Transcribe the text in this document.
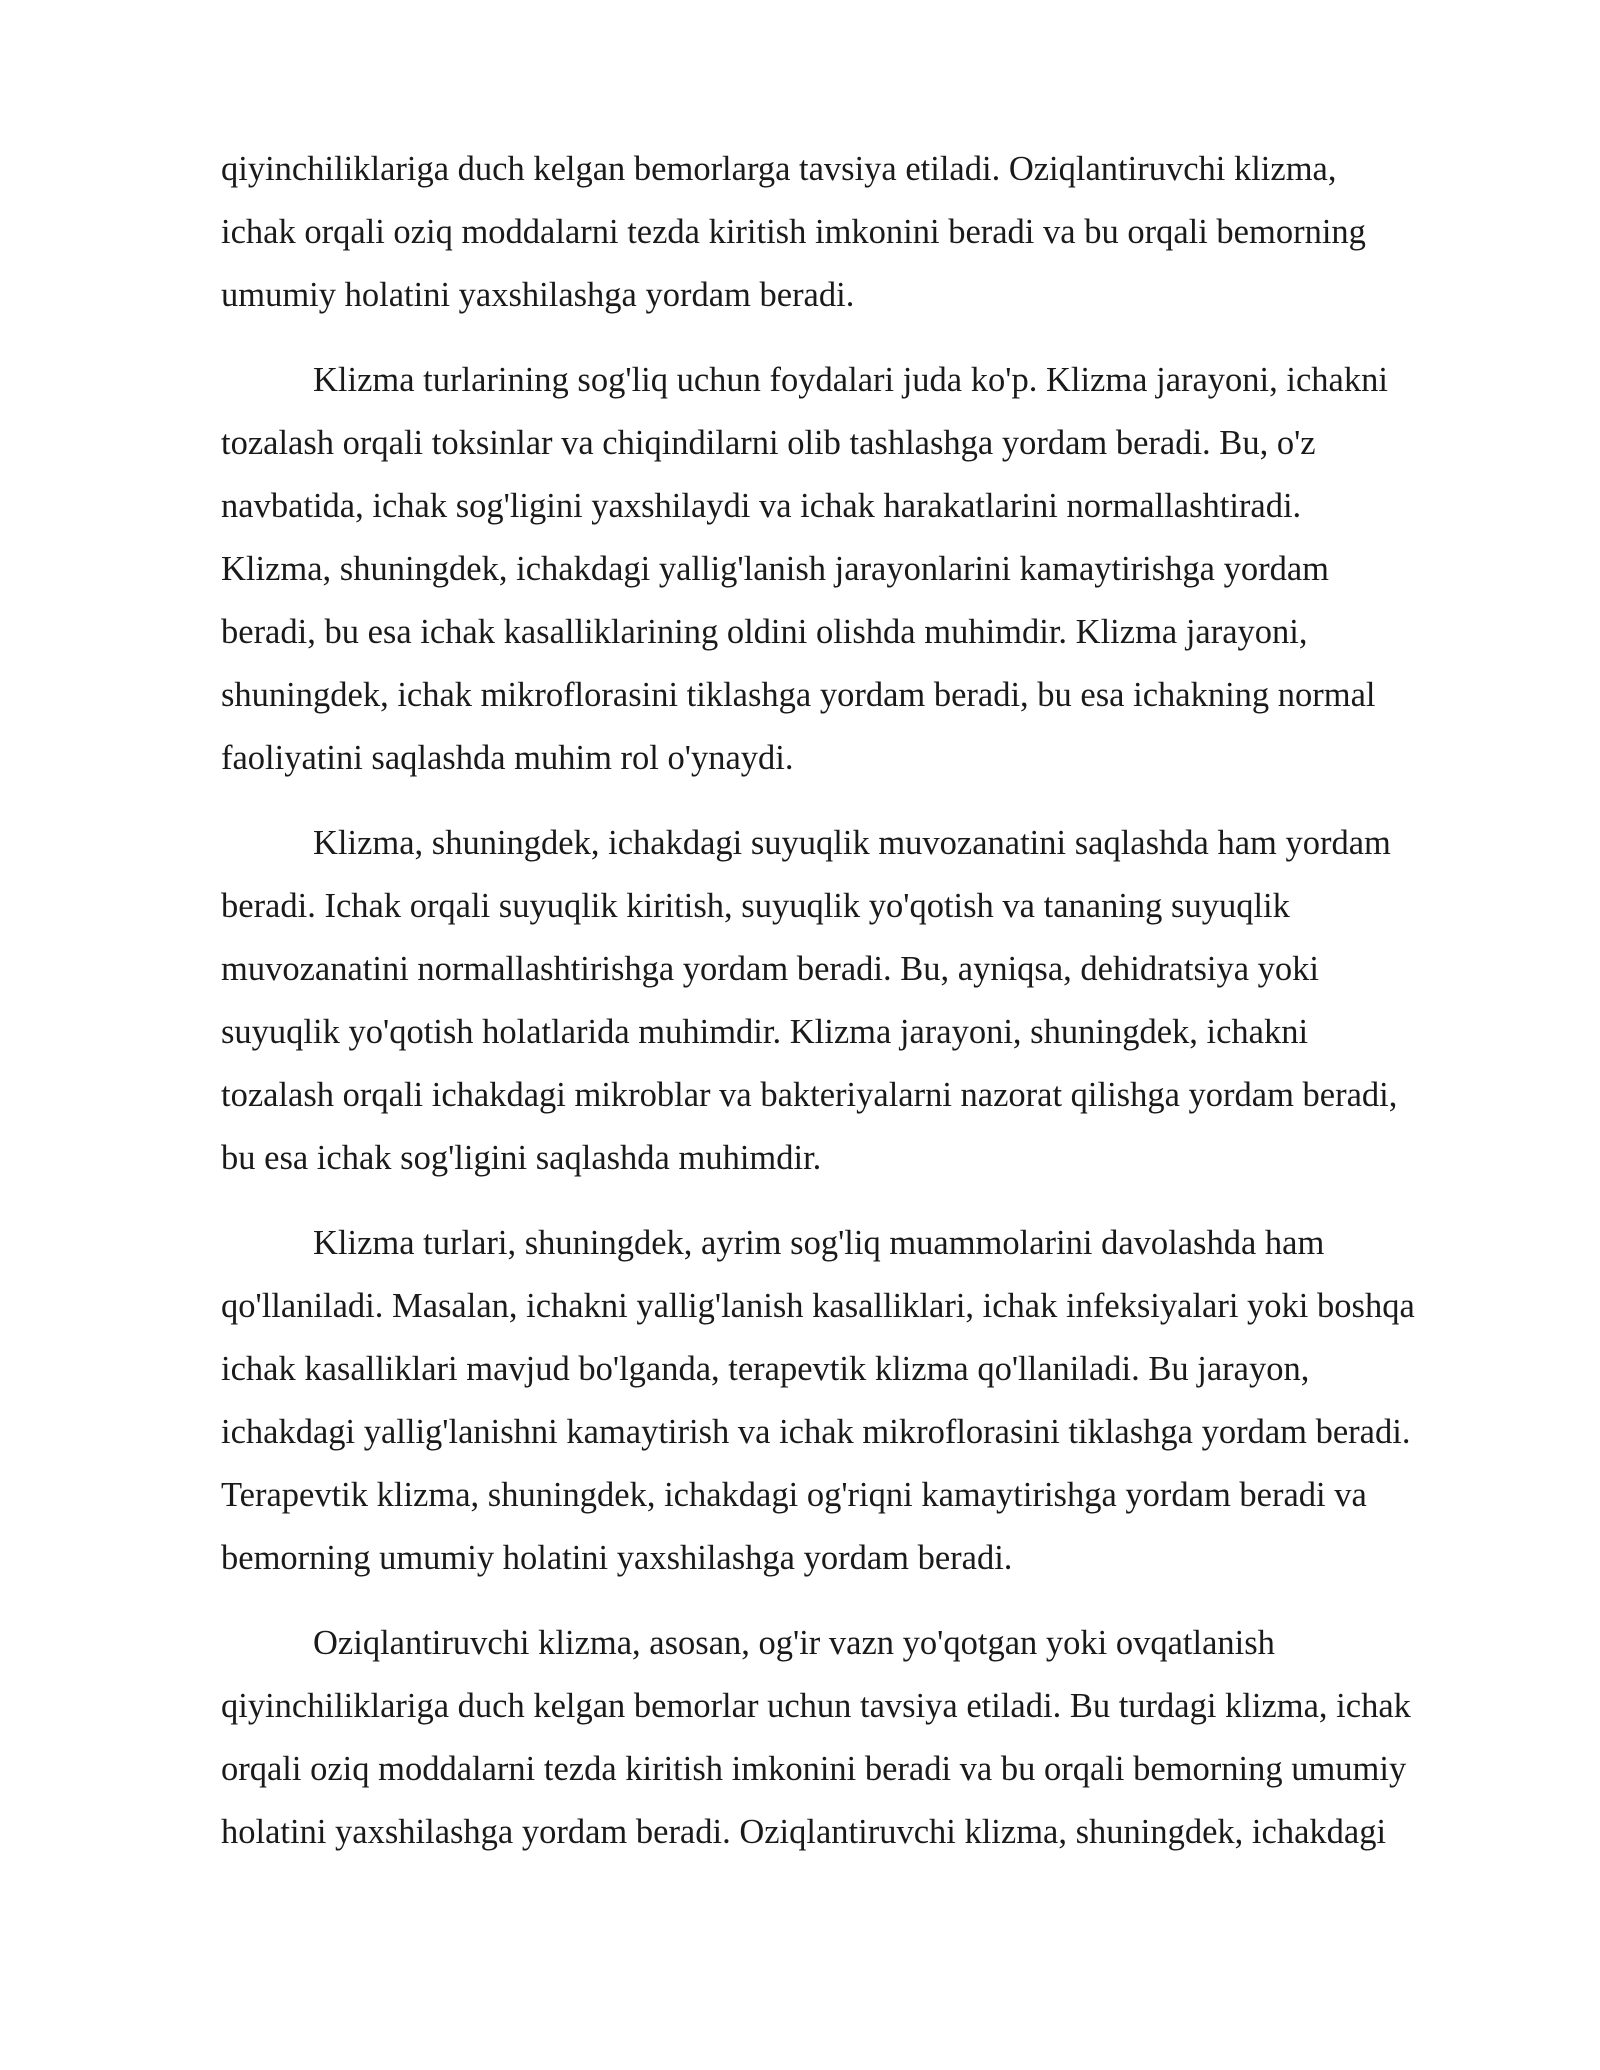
qiyinchiliklariga duch kelgan bemorlarga tavsiya etiladi. Oziqlantiruvchi klizma,
ichak orqali oziq moddalarni tezda kiritish imkonini beradi va bu orqali bemorning
umumiy holatini yaxshilashga yordam beradi.

Klizma turlarining sog'liq uchun foydalari juda ko'p. Klizma jarayoni, ichakni
tozalash orqali toksinlar va chiqindilarni olib tashlashga yordam beradi. Bu, o'z
navbatida, ichak sog'ligini yaxshilaydi va ichak harakatlarini normallashtiradi.
Klizma, shuningdek, ichakdagi yallig'lanish jarayonlarini kamaytirishga yordam
beradi, bu esa ichak kasalliklarining oldini olishda muhimdir. Klizma jarayoni,
shuningdek, ichak mikroflorasini tiklashga yordam beradi, bu esa ichakning normal
faoliyatini saqlashda muhim rol o'ynaydi.

Klizma, shuningdek, ichakdagi suyuqlik muvozanatini saqlashda ham yordam
beradi. Ichak orqali suyuqlik kiritish, suyuqlik yo'qotish va tananing suyuqlik
muvozanatini normallashtirishga yordam beradi. Bu, ayniqsa, dehidratsiya yoki
suyuqlik yo'qotish holatlarida muhimdir. Klizma jarayoni, shuningdek, ichakni
tozalash orqali ichakdagi mikroblar va bakteriyalarni nazorat qilishga yordam beradi,
bu esa ichak sog'ligini saqlashda muhimdir.

Klizma turlari, shuningdek, ayrim sog'liq muammolarini davolashda ham
qo'llaniladi. Masalan, ichakni yallig'lanish kasalliklari, ichak infeksiyalari yoki boshqa
ichak kasalliklari mavjud bo'lganda, terapevtik klizma qo'llaniladi. Bu jarayon,
ichakdagi yallig'lanishni kamaytirish va ichak mikroflorasini tiklashga yordam beradi.
Terapevtik klizma, shuningdek, ichakdagi og'riqni kamaytirishga yordam beradi va
bemorning umumiy holatini yaxshilashga yordam beradi.

Oziqlantiruvchi klizma, asosan, og'ir vazn yo'qotgan yoki ovqatlanish
qiyinchiliklariga duch kelgan bemorlar uchun tavsiya etiladi. Bu turdagi klizma, ichak
orqali oziq moddalarni tezda kiritish imkonini beradi va bu orqali bemorning umumiy
holatini yaxshilashga yordam beradi. Oziqlantiruvchi klizma, shuningdek, ichakdagi
